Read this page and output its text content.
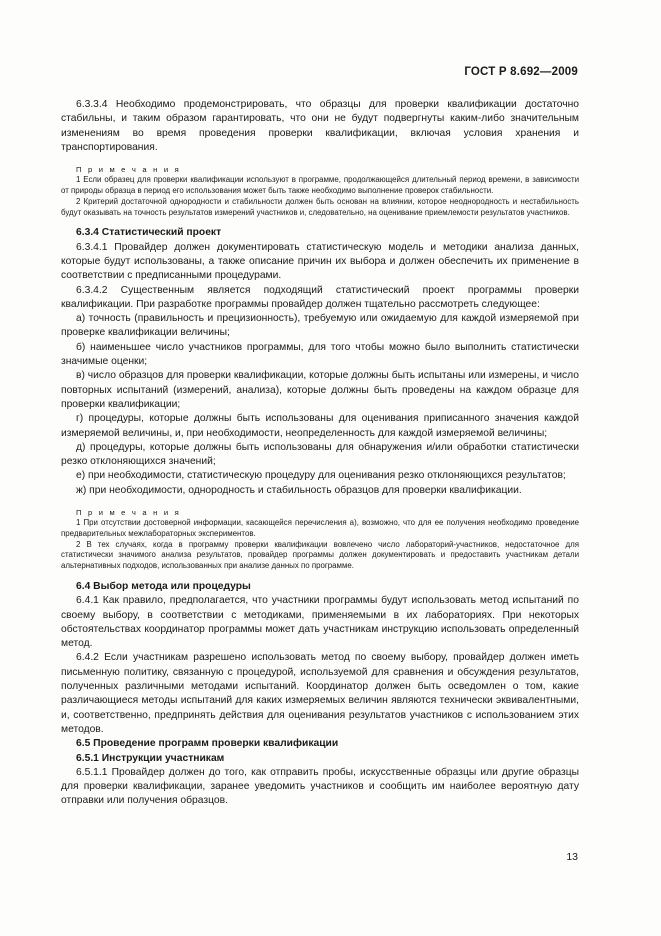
ГОСТ Р 8.692—2009

6.3.3.4 Необходимо продемонстрировать, что образцы для проверки квалификации достаточно стабильны, и таким образом гарантировать, что они не будут подвергнуты каким-либо значительным изменениям во время проведения проверки квалификации, включая условия хранения и транспортирования.

П р и м е ч а н и я

1 Если образец для проверки квалификации используют в программе, продолжающейся длительный период времени, в зависимости от природы образца в период его использования может быть также необходимо выполнение проверок стабильности.

2 Критерий достаточной однородности и стабильности должен быть основан на влиянии, которое неоднородность и нестабильность будут оказывать на точность результатов измерений участников и, следовательно, на оценивание приемлемости результатов участников.

6.3.4 Статистический проект

6.3.4.1 Провайдер должен документировать статистическую модель и методики анализа данных, которые будут использованы, а также описание причин их выбора и должен обеспечить их применение в соответствии с предписанными процедурами.

6.3.4.2 Существенным является подходящий статистический проект программы проверки квалификации. При разработке программы провайдер должен тщательно рассмотреть следующее:

а) точность (правильность и прецизионность), требуемую или ожидаемую для каждой измеряемой при проверке квалификации величины;

б) наименьшее число участников программы, для того чтобы можно было выполнить статистически значимые оценки;

в) число образцов для проверки квалификации, которые должны быть испытаны или измерены, и число повторных испытаний (измерений, анализа), которые должны быть проведены на каждом образце для проверки квалификации;

г) процедуры, которые должны быть использованы для оценивания приписанного значения каждой измеряемой величины, и, при необходимости, неопределенность для каждой измеряемой величины;

д) процедуры, которые должны быть использованы для обнаружения и/или обработки статистически резко отклоняющихся значений;

е) при необходимости, статистическую процедуру для оценивания резко отклоняющихся результатов;

ж) при необходимости, однородность и стабильность образцов для проверки квалификации.

П р и м е ч а н и я

1 При отсутствии достоверной информации, касающейся перечисления а), возможно, что для ее получения необходимо проведение предварительных межлабораторных экспериментов.

2 В тех случаях, когда в программу проверки квалификации вовлечено число лабораторий-участников, недостаточное для статистически значимого анализа результатов, провайдер программы должен документировать и предоставить участникам детали альтернативных подходов, использованных при анализе данных по программе.

6.4 Выбор метода или процедуры

6.4.1 Как правило, предполагается, что участники программы будут использовать метод испытаний по своему выбору, в соответствии с методиками, применяемыми в их лабораториях. При некоторых обстоятельствах координатор программы может дать участникам инструкцию использовать определенный метод.

6.4.2 Если участникам разрешено использовать метод по своему выбору, провайдер должен иметь письменную политику, связанную с процедурой, используемой для сравнения и обсуждения результатов, полученных различными методами испытаний. Координатор должен быть осведомлен о том, какие различающиеся методы испытаний для каких измеряемых величин являются технически эквивалентными, и, соответственно, предпринять действия для оценивания результатов участников с использованием этих методов.

6.5 Проведение программ проверки квалификации

6.5.1 Инструкции участникам

6.5.1.1 Провайдер должен до того, как отправить пробы, искусственные образцы или другие образцы для проверки квалификации, заранее уведомить участников и сообщить им наиболее вероятную дату отправки или получения образцов.

13
